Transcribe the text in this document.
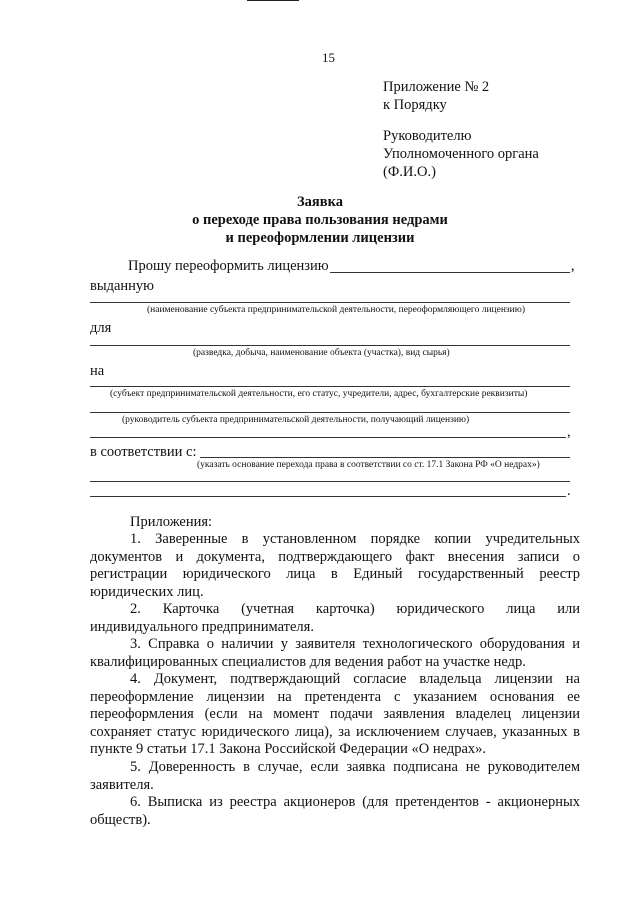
15
Приложение № 2
к Порядку
Руководителю
Уполномоченного органа
(Ф.И.О.)
Заявка
о переходе права пользования недрами
и переоформлении лицензии
Прошу переоформить лицензию	,
выданную
(наименование субъекта предпринимательской деятельности, переоформляющего лицензию)
для
(разведка, добыча, наименование объекта (участка), вид сырья)
на
(субъект предпринимательской деятельности, его статус, учредители, адрес, бухгалтерские реквизиты)
(руководитель субъекта предпринимательской деятельности, получающий лицензию)
,
в соответствии с:
(указать основание перехода права в соответствии со ст. 17.1 Закона РФ «О недрах»)
.
Приложения:
1. Заверенные в установленном порядке копии учредительных
документов и документа, подтверждающего факт внесения записи о
регистрации юридического лица в Единый государственный реестр
юридических лиц.
2. Карточка (учетная карточка) юридического лица или
индивидуального предпринимателя.
3. Справка о наличии у заявителя технологического оборудования и
квалифицированных специалистов для ведения работ на участке недр.
4. Документ, подтверждающий согласие владельца лицензии на
переоформление лицензии на претендента с указанием основания ее
переоформления (если на момент подачи заявления владелец лицензии
сохраняет статус юридического лица), за исключением случаев, указанных в
пункте 9 статьи 17.1 Закона Российской Федерации «О недрах».
5. Доверенность в случае, если заявка подписана не руководителем
заявителя.
6. Выписка из реестра акционеров (для претендентов - акционерных
обществ).
